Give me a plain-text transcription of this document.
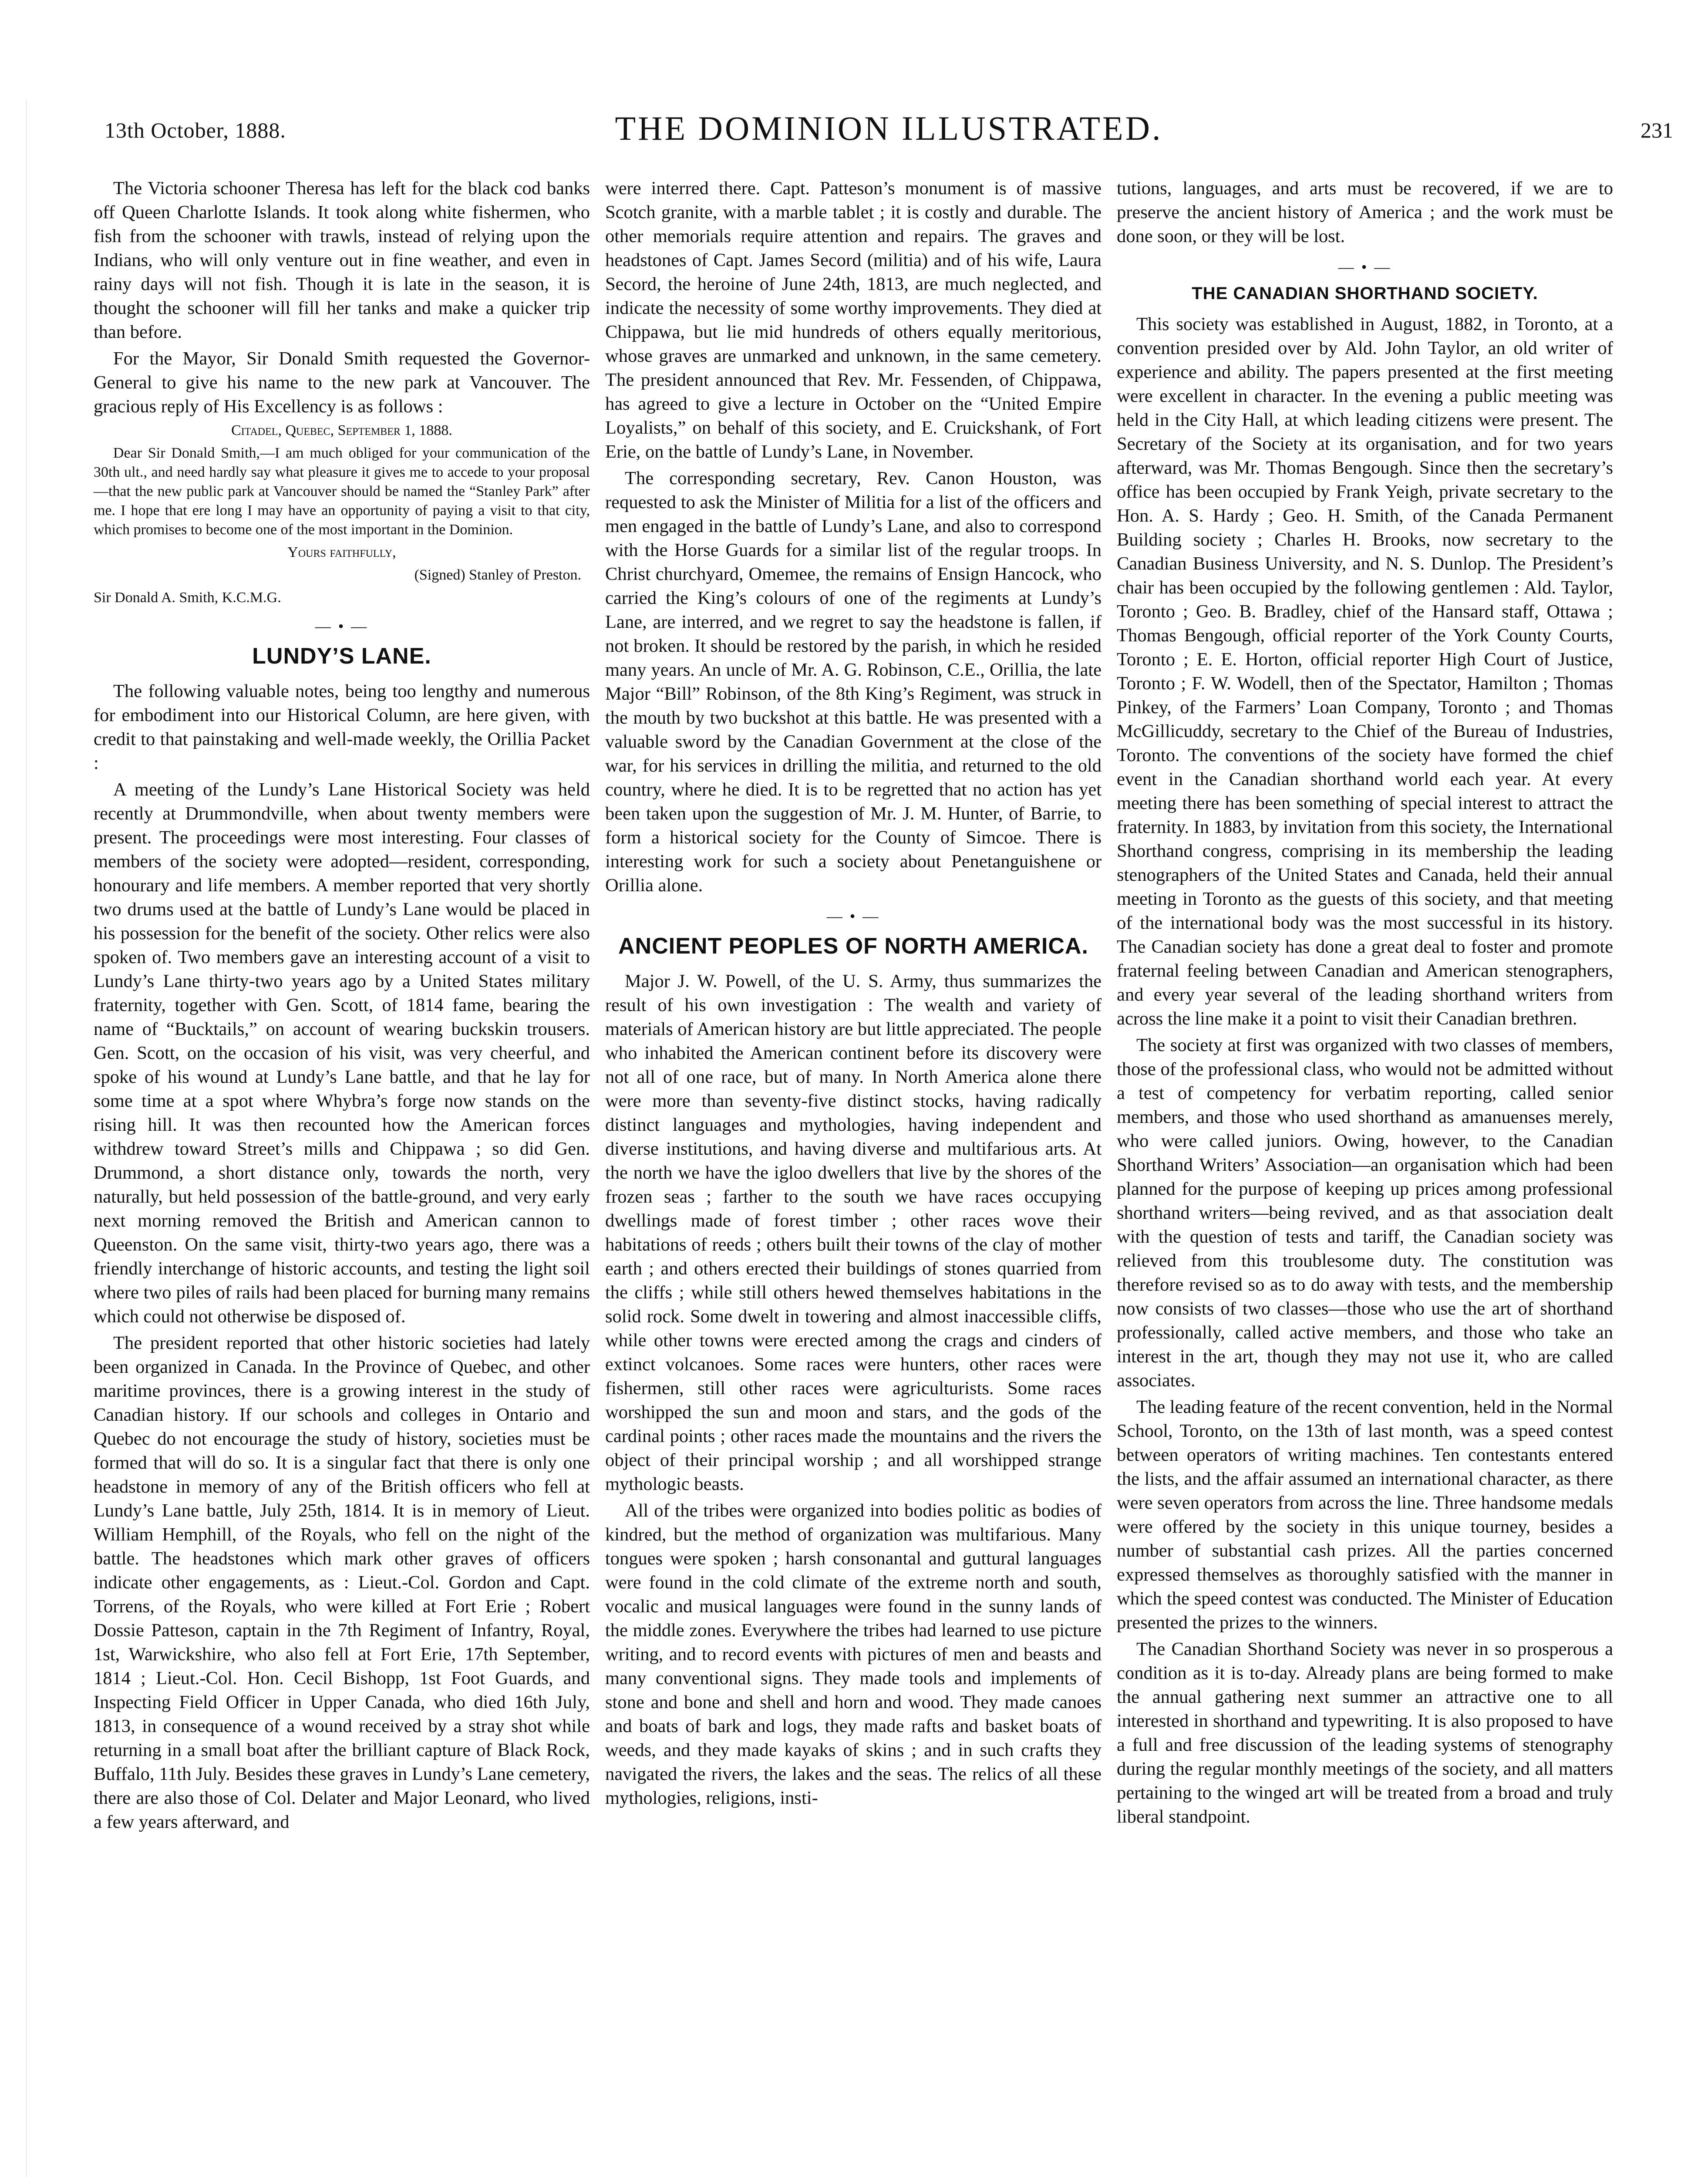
13th October, 1888.	THE DOMINION ILLUSTRATED.	231

The Victoria schooner Theresa has left for the black cod banks off Queen Charlotte Islands. It took along white fishermen, who fish from the schooner with trawls, instead of relying upon the Indians, who will only venture out in fine weather, and even in rainy days will not fish. Though it is late in the season, it is thought the schooner will fill her tanks and make a quicker trip than before.

For the Mayor, Sir Donald Smith requested the Governor-General to give his name to the new park at Vancouver. The gracious reply of His Excellency is as follows :

Citadel, Quebec, September 1, 1888.

Dear Sir Donald Smith,—I am much obliged for your communication of the 30th ult., and need hardly say what pleasure it gives me to accede to your proposal—that the new public park at Vancouver should be named the “Stanley Park” after me. I hope that ere long I may have an opportunity of paying a visit to that city, which promises to become one of the most important in the Dominion.

Yours faithfully,

(Signed) Stanley of Preston.

Sir Donald A. Smith, K.C.M.G.

— • —
LUNDY’S LANE.

The following valuable notes, being too lengthy and numerous for embodiment into our Historical Column, are here given, with credit to that painstaking and well-made weekly, the Orillia Packet :

A meeting of the Lundy’s Lane Historical Society was held recently at Drummondville, when about twenty members were present. The proceedings were most interesting. Four classes of members of the society were adopted—resident, corresponding, honourary and life members. A member reported that very shortly two drums used at the battle of Lundy’s Lane would be placed in his possession for the benefit of the society. Other relics were also spoken of. Two members gave an interesting account of a visit to Lundy’s Lane thirty-two years ago by a United States military fraternity, together with Gen. Scott, of 1814 fame, bearing the name of “Bucktails,” on account of wearing buckskin trousers. Gen. Scott, on the occasion of his visit, was very cheerful, and spoke of his wound at Lundy’s Lane battle, and that he lay for some time at a spot where Whybra’s forge now stands on the rising hill. It was then recounted how the American forces withdrew toward Street’s mills and Chippawa ; so did Gen. Drummond, a short distance only, towards the north, very naturally, but held possession of the battle-ground, and very early next morning removed the British and American cannon to Queenston. On the same visit, thirty-two years ago, there was a friendly interchange of historic accounts, and testing the light soil where two piles of rails had been placed for burning many remains which could not otherwise be disposed of.

The president reported that other historic societies had lately been organized in Canada. In the Province of Quebec, and other maritime provinces, there is a growing interest in the study of Canadian history. If our schools and colleges in Ontario and Quebec do not encourage the study of history, societies must be formed that will do so. It is a singular fact that there is only one headstone in memory of any of the British officers who fell at Lundy’s Lane battle, July 25th, 1814. It is in memory of Lieut. William Hemphill, of the Royals, who fell on the night of the battle. The headstones which mark other graves of officers indicate other engagements, as : Lieut.-Col. Gordon and Capt. Torrens, of the Royals, who were killed at Fort Erie ; Robert Dossie Patteson, captain in the 7th Regiment of Infantry, Royal, 1st, Warwickshire, who also fell at Fort Erie, 17th September, 1814 ; Lieut.-Col. Hon. Cecil Bishopp, 1st Foot Guards, and Inspecting Field Officer in Upper Canada, who died 16th July, 1813, in consequence of a wound received by a stray shot while returning in a small boat after the brilliant capture of Black Rock, Buffalo, 11th July. Besides these graves in Lundy’s Lane cemetery, there are also those of Col. Delater and Major Leonard, who lived a few years afterward, and

were interred there. Capt. Patteson’s monument is of massive Scotch granite, with a marble tablet ; it is costly and durable. The other memorials require attention and repairs. The graves and headstones of Capt. James Secord (militia) and of his wife, Laura Secord, the heroine of June 24th, 1813, are much neglected, and indicate the necessity of some worthy improvements. They died at Chippawa, but lie mid hundreds of others equally meritorious, whose graves are unmarked and unknown, in the same cemetery. The president announced that Rev. Mr. Fessenden, of Chippawa, has agreed to give a lecture in October on the “United Empire Loyalists,” on behalf of this society, and E. Cruickshank, of Fort Erie, on the battle of Lundy’s Lane, in November.

The corresponding secretary, Rev. Canon Houston, was requested to ask the Minister of Militia for a list of the officers and men engaged in the battle of Lundy’s Lane, and also to correspond with the Horse Guards for a similar list of the regular troops. In Christ churchyard, Omemee, the remains of Ensign Hancock, who carried the King’s colours of one of the regiments at Lundy’s Lane, are interred, and we regret to say the headstone is fallen, if not broken. It should be restored by the parish, in which he resided many years. An uncle of Mr. A. G. Robinson, C.E., Orillia, the late Major “Bill” Robinson, of the 8th King’s Regiment, was struck in the mouth by two buckshot at this battle. He was presented with a valuable sword by the Canadian Government at the close of the war, for his services in drilling the militia, and returned to the old country, where he died. It is to be regretted that no action has yet been taken upon the suggestion of Mr. J. M. Hunter, of Barrie, to form a historical society for the County of Simcoe. There is interesting work for such a society about Penetanguishene or Orillia alone.

— • —
ANCIENT PEOPLES OF NORTH AMERICA.

Major J. W. Powell, of the U. S. Army, thus summarizes the result of his own investigation : The wealth and variety of materials of American history are but little appreciated. The people who inhabited the American continent before its discovery were not all of one race, but of many. In North America alone there were more than seventy-five distinct stocks, having radically distinct languages and mythologies, having independent and diverse institutions, and having diverse and multifarious arts. At the north we have the igloo dwellers that live by the shores of the frozen seas ; farther to the south we have races occupying dwellings made of forest timber ; other races wove their habitations of reeds ; others built their towns of the clay of mother earth ; and others erected their buildings of stones quarried from the cliffs ; while still others hewed themselves habitations in the solid rock. Some dwelt in towering and almost inaccessible cliffs, while other towns were erected among the crags and cinders of extinct volcanoes. Some races were hunters, other races were fishermen, still other races were agriculturists. Some races worshipped the sun and moon and stars, and the gods of the cardinal points ; other races made the mountains and the rivers the object of their principal worship ; and all worshipped strange mythologic beasts.

All of the tribes were organized into bodies politic as bodies of kindred, but the method of organization was multifarious. Many tongues were spoken ; harsh consonantal and guttural languages were found in the cold climate of the extreme north and south, vocalic and musical languages were found in the sunny lands of the middle zones. Everywhere the tribes had learned to use picture writing, and to record events with pictures of men and beasts and many conventional signs. They made tools and implements of stone and bone and shell and horn and wood. They made canoes and boats of bark and logs, they made rafts and basket boats of weeds, and they made kayaks of skins ; and in such crafts they navigated the rivers, the lakes and the seas. The relics of all these mythologies, religions, insti-

tutions, languages, and arts must be recovered, if we are to preserve the ancient history of America ; and the work must be done soon, or they will be lost.

— • —
THE CANADIAN SHORTHAND SOCIETY.

This society was established in August, 1882, in Toronto, at a convention presided over by Ald. John Taylor, an old writer of experience and ability. The papers presented at the first meeting were excellent in character. In the evening a public meeting was held in the City Hall, at which leading citizens were present. The Secretary of the Society at its organisation, and for two years afterward, was Mr. Thomas Bengough. Since then the secretary’s office has been occupied by Frank Yeigh, private secretary to the Hon. A. S. Hardy ; Geo. H. Smith, of the Canada Permanent Building society ; Charles H. Brooks, now secretary to the Canadian Business University, and N. S. Dunlop. The President’s chair has been occupied by the following gentlemen : Ald. Taylor, Toronto ; Geo. B. Bradley, chief of the Hansard staff, Ottawa ; Thomas Bengough, official reporter of the York County Courts, Toronto ; E. E. Horton, official reporter High Court of Justice, Toronto ; F. W. Wodell, then of the Spectator, Hamilton ; Thomas Pinkey, of the Farmers’ Loan Company, Toronto ; and Thomas McGillicuddy, secretary to the Chief of the Bureau of Industries, Toronto. The conventions of the society have formed the chief event in the Canadian shorthand world each year. At every meeting there has been something of special interest to attract the fraternity. In 1883, by invitation from this society, the International Shorthand congress, comprising in its membership the leading stenographers of the United States and Canada, held their annual meeting in Toronto as the guests of this society, and that meeting of the international body was the most successful in its history. The Canadian society has done a great deal to foster and promote fraternal feeling between Canadian and American stenographers, and every year several of the leading shorthand writers from across the line make it a point to visit their Canadian brethren.

The society at first was organized with two classes of members, those of the professional class, who would not be admitted without a test of competency for verbatim reporting, called senior members, and those who used shorthand as amanuenses merely, who were called juniors. Owing, however, to the Canadian Shorthand Writers’ Association—an organisation which had been planned for the purpose of keeping up prices among professional shorthand writers—being revived, and as that association dealt with the question of tests and tariff, the Canadian society was relieved from this troublesome duty. The constitution was therefore revised so as to do away with tests, and the membership now consists of two classes—those who use the art of shorthand professionally, called active members, and those who take an interest in the art, though they may not use it, who are called associates.

The leading feature of the recent convention, held in the Normal School, Toronto, on the 13th of last month, was a speed contest between operators of writing machines. Ten contestants entered the lists, and the affair assumed an international character, as there were seven operators from across the line. Three handsome medals were offered by the society in this unique tourney, besides a number of substantial cash prizes. All the parties concerned expressed themselves as thoroughly satisfied with the manner in which the speed contest was conducted. The Minister of Education presented the prizes to the winners.

The Canadian Shorthand Society was never in so prosperous a condition as it is to-day. Already plans are being formed to make the annual gathering next summer an attractive one to all interested in shorthand and typewriting. It is also proposed to have a full and free discussion of the leading systems of stenography during the regular monthly meetings of the society, and all matters pertaining to the winged art will be treated from a broad and truly liberal standpoint.
